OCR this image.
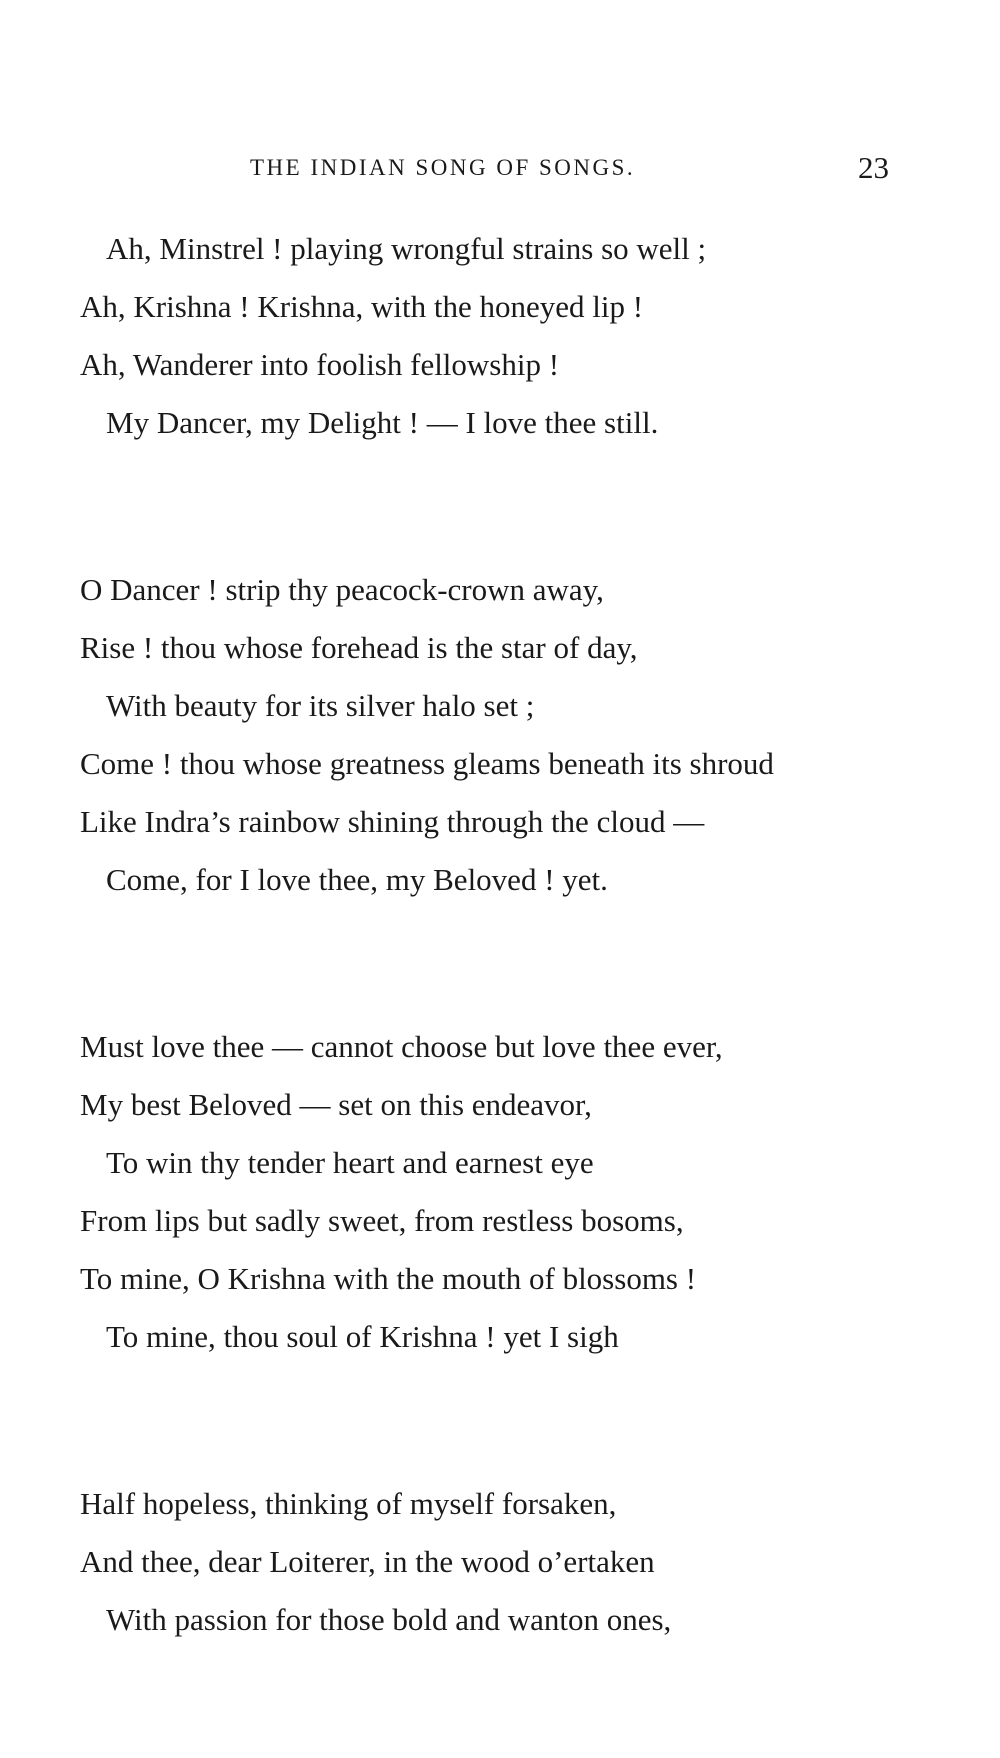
THE INDIAN SONG OF SONGS.	23
Ah, Minstrel ! playing wrongful strains so well ;
Ah, Krishna ! Krishna, with the honeyed lip !
Ah, Wanderer into foolish fellowship !
My Dancer, my Delight ! — I love thee still.
O Dancer ! strip thy peacock-crown away,
Rise ! thou whose forehead is the star of day,
With beauty for its silver halo set ;
Come ! thou whose greatness gleams beneath its shroud
Like Indra’s rainbow shining through the cloud —
Come, for I love thee, my Beloved ! yet.
Must love thee — cannot choose but love thee ever,
My best Beloved — set on this endeavor,
To win thy tender heart and earnest eye
From lips but sadly sweet, from restless bosoms,
To mine, O Krishna with the mouth of blossoms !
To mine, thou soul of Krishna ! yet I sigh
Half hopeless, thinking of myself forsaken,
And thee, dear Loiterer, in the wood o’ertaken
With passion for those bold and wanton ones,
